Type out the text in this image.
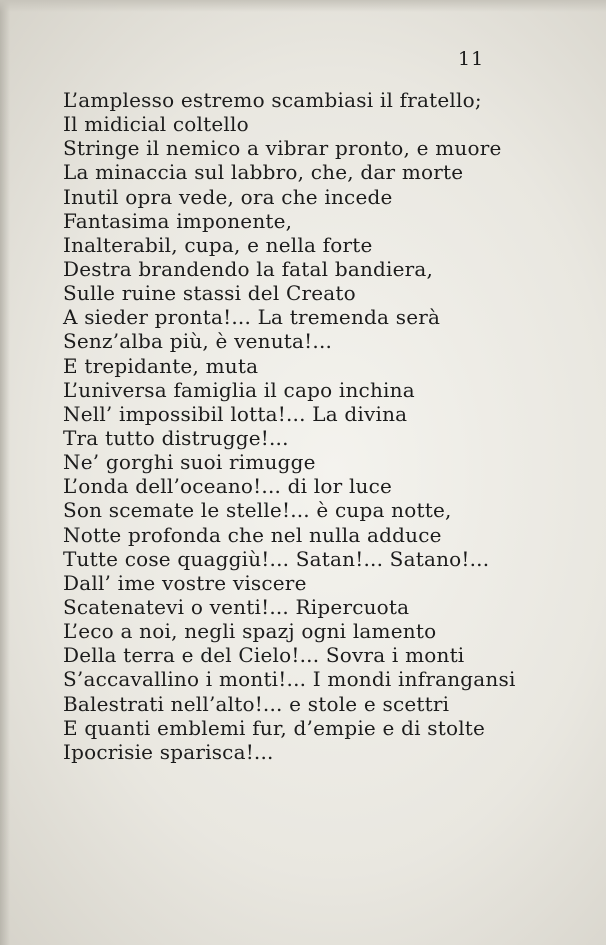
11
L’amplesso estremo scambiasi il fratello;
Il midicial coltello
Stringe il nemico a vibrar pronto, e muore
La minaccia sul labbro, che, dar morte
Inutil opra vede, ora che incede
Fantasima imponente,
Inalterabil, cupa, e nella forte
Destra brandendo la fatal bandiera,
Sulle ruine stassi del Creato
A sieder pronta!... La tremenda serà
Senz’alba più, è venuta!...
E trepidante, muta
L’universa famiglia il capo inchina
Nell’ impossibil lotta!... La divina
Tra tutto distrugge!...
Ne’ gorghi suoi rimugge
L’onda dell’oceano!... di lor luce
Son scemate le stelle!... è cupa notte,
Notte profonda che nel nulla adduce
Tutte cose quaggiù!... Satan!... Satano!...
Dall’ ime vostre viscere
Scatenatevi o venti!... Ripercuota
L’eco a noi, negli spazj ogni lamento
Della terra e del Cielo!... Sovra i monti
S’accavallino i monti!... I mondi infrangansi
Balestrati nell’alto!... e stole e scettri
E quanti emblemi fur, d’empie e di stolte
Ipocrisie sparisca!...
